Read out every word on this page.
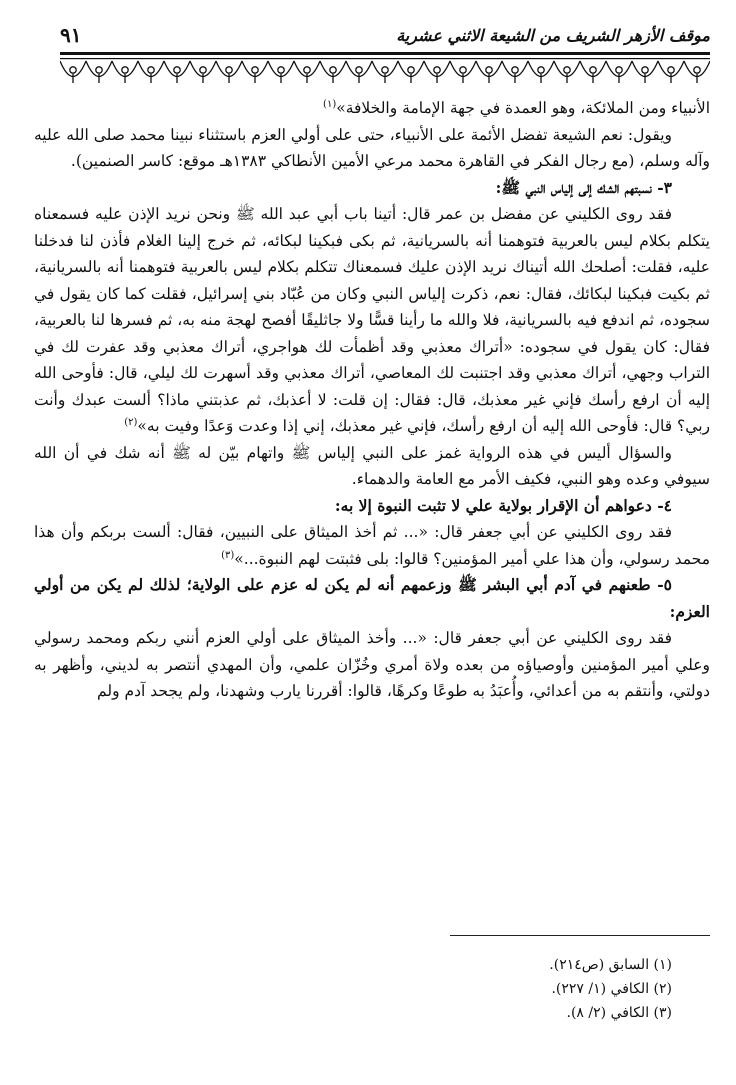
٩١	موقف الأزهر الشريف من الشيعة الاثني عشرية

الأنبياء ومن الملائكة، وهو العمدة في جهة الإمامة والخلافة»$^{(١)}$

ويقول: نعم الشيعة تفضل الأئمة على الأنبياء، حتى على أولي العزم باستثناء نبينا محمد صلى الله عليه وآله وسلم، (مع رجال الفكر في القاهرة محمد مرعي الأمين الأنطاكي ١٣٨٣هـ موقع: كاسر الصنمين).

٣- نسبتهم الشك إلى إلياس النبي ﷺ:

فقد روى الكليني عن مفضل بن عمر قال: أتينا باب أبي عبد الله ﷺ ونحن نريد الإذن عليه فسمعناه يتكلم بكلام ليس بالعربية فتوهمنا أنه بالسريانية، ثم بكى فبكينا لبكائه، ثم خرج إلينا الغلام فأذن لنا فدخلنا عليه، فقلت: أصلحك الله أتيناك نريد الإذن عليك فسمعناك تتكلم بكلام ليس بالعربية فتوهمنا أنه بالسريانية، ثم بكيت فبكينا لبكائك، فقال: نعم، ذكرت إلياس النبي وكان من عُبّاد بني إسرائيل، فقلت كما كان يقول في سجوده، ثم اندفع فيه بالسريانية، فلا والله ما رأينا قسًّا ولا جاثليقًا أفصح لهجة منه به، ثم فسرها لنا بالعربية، فقال: كان يقول في سجوده: «أتراك معذبي وقد أظمأت لك هواجري، أتراك معذبي وقد عفرت لك في التراب وجهي، أتراك معذبي وقد اجتنبت لك المعاصي، أتراك معذبي وقد أسهرت لك ليلي، قال: فأوحى الله إليه أن ارفع رأسك فإني غير معذبك، قال: فقال: إن قلت: لا أعذبك، ثم عذبتني ماذا؟ ألست عبدك وأنت ربي؟ قال: فأوحى الله إليه أن ارفع رأسك، فإني غير معذبك، إني إذا وعدت وَعدًا وفيت به»$^{(٢)}$

والسؤال أليس في هذه الرواية غمز على النبي إلياس ﷺ واتهام بيّن له ﷺ أنه شك في أن الله سيوفي وعده وهو النبي، فكيف الأمر مع العامة والدهماء.

٤- دعواهم أن الإقرار بولاية علي لا تثبت النبوة إلا به:

فقد روى الكليني عن أبي جعفر قال: «... ثم أخذ الميثاق على النبيين، فقال: ألست بربكم وأن هذا محمد رسولي، وأن هذا علي أمير المؤمنين؟ قالوا: بلى فثبتت لهم النبوة...»$^{(٣)}$

٥- طعنهم في آدم أبي البشر ﷺ وزعمهم أنه لم يكن له عزم على الولاية؛ لذلك لم يكن من أولي العزم:

فقد روى الكليني عن أبي جعفر قال: «... وأخذ الميثاق على أولي العزم أنني ربكم ومحمد رسولي وعلي أمير المؤمنين وأوصياؤه من بعده ولاة أمري وخُزّان علمي، وأن المهدي أنتصر به لديني، وأظهر به دولتي، وأنتقم به من أعدائي، وأُعبَدُ به طوعًا وكرهًا، قالوا: أقررنا يارب وشهدنا، ولم يجحد آدم ولم

(١) السابق (ص٢١٤).

(٢) الكافي (١/ ٢٢٧).

(٣) الكافي (٢/ ٨).
